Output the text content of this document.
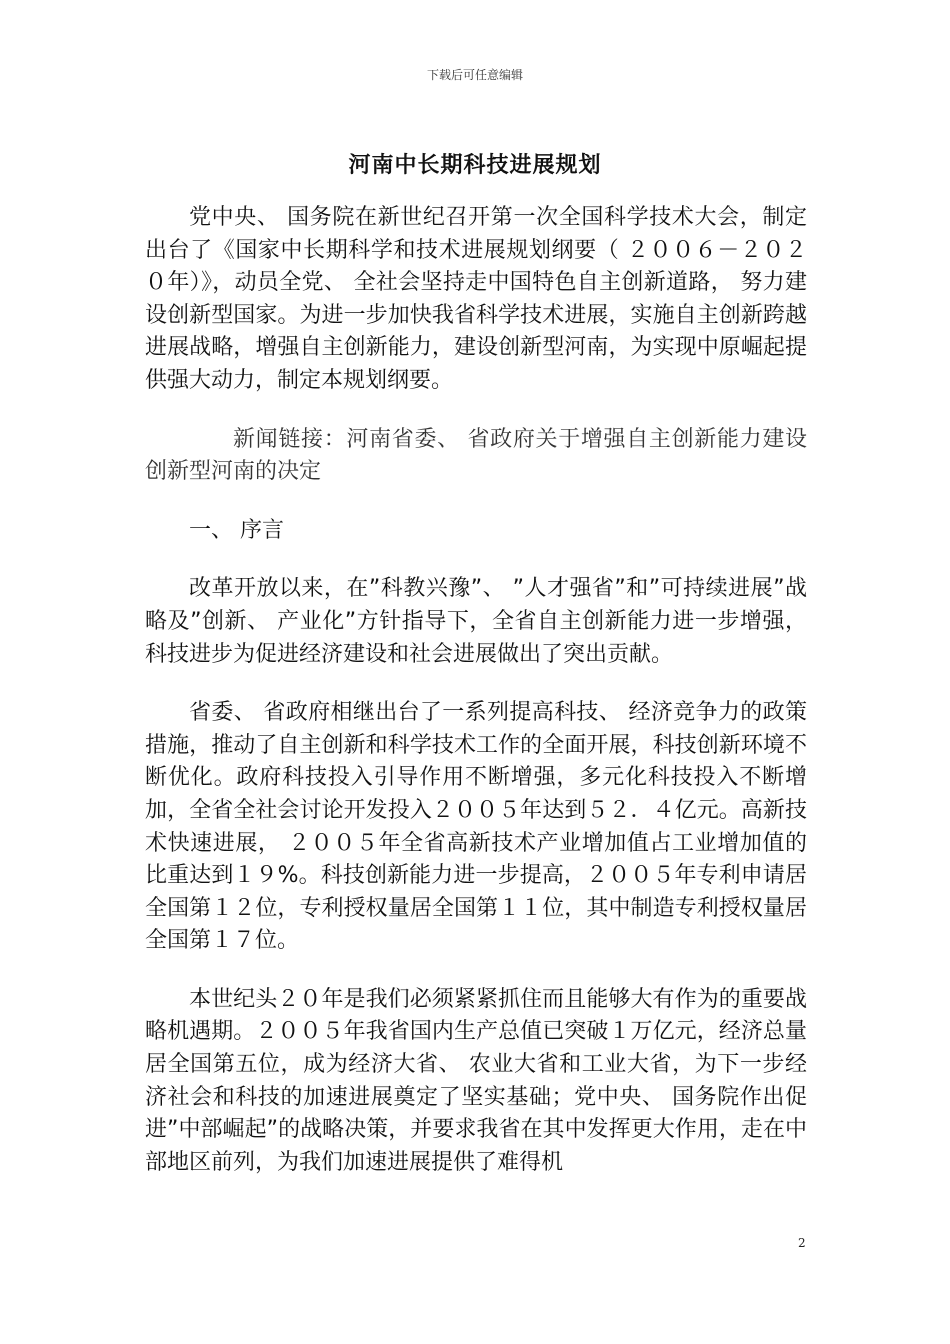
下载后可任意编辑
河南中长期科技进展规划

党中央、 国务院在新世纪召开第一次全国科学技术大会，制定出台了《国家中长期科学和技术进展规划纲要（ ２００６－２０２０年）》，动员全党、 全社会坚持走中国特色自主创新道路， 努力建设创新型国家。为进一步加快我省科学技术进展，实施自主创新跨越进展战略，增强自主创新能力，建设创新型河南，为实现中原崛起提供强大动力，制定本规划纲要。

新闻链接：河南省委、 省政府关于增强自主创新能力建设创新型河南的决定

一、 序言

改革开放以来，在”科教兴豫”、 ”人才强省”和”可持续进展”战略及”创新、 产业化”方针指导下，全省自主创新能力进一步增强，科技进步为促进经济建设和社会进展做出了突出贡献。

省委、 省政府相继出台了一系列提高科技、 经济竞争力的政策措施，推动了自主创新和科学技术工作的全面开展，科技创新环境不断优化。政府科技投入引导作用不断增强，多元化科技投入不断增加，全省全社会讨论开发投入２００５年达到５２．４亿元。高新技术快速进展， ２００５年全省高新技术产业增加值占工业增加值的比重达到１９%。科技创新能力进一步提高，２００５年专利申请居全国第１２位，专利授权量居全国第１１位，其中制造专利授权量居全国第１７位。

本世纪头２０年是我们必须紧紧抓住而且能够大有作为的重要战略机遇期。２００５年我省国内生产总值已突破１万亿元，经济总量居全国第五位，成为经济大省、 农业大省和工业大省，为下一步经济社会和科技的加速进展奠定了坚实基础；党中央、 国务院作出促进”中部崛起”的战略决策，并要求我省在其中发挥更大作用，走在中部地区前列，为我们加速进展提供了难得机

2
